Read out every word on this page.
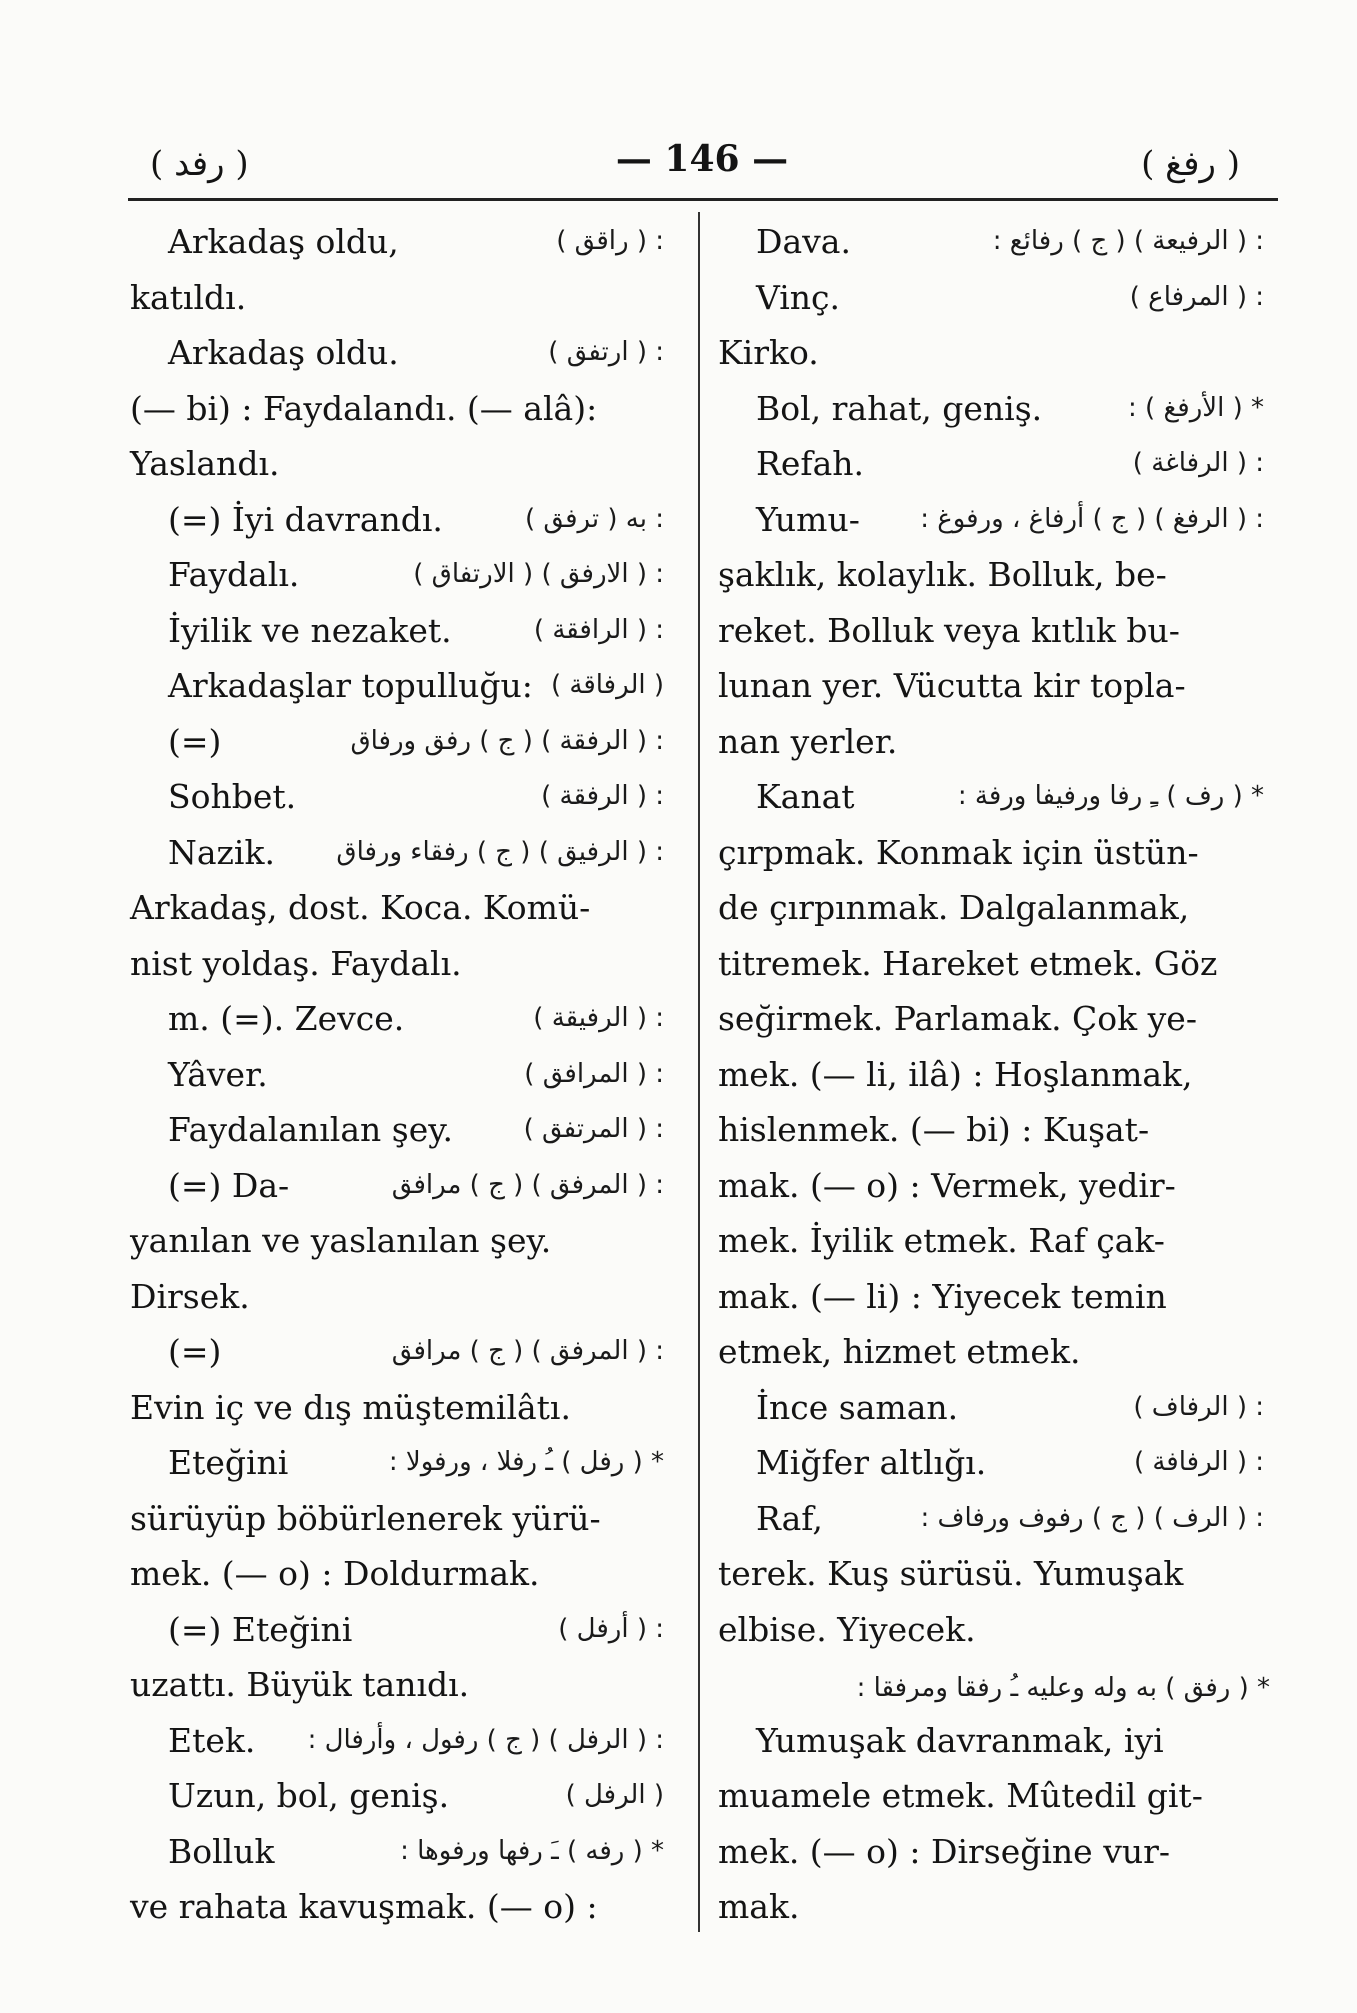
( رفد )	— 146 —	( رفغ )
Arkadaş oldu,	: ( راقق )
katıldı.
Arkadaş oldu.	: ( ارتفق )
(— bi) : Faydalandı. (— alâ):
Yaslandı.
(=) İyi davrandı.	: به ( ترفق )
Faydalı.	: ( الارفق ) ( الارتفاق )
İyilik ve nezaket.	: ( الرافقة )
Arkadaşlar topulluğu: ( الرفاقة )
(=)	: ( الرفقة ) ( ج ) رفق ورفاق
Sohbet.	: ( الرفقة )
Nazik. : ( الرفيق ) ( ج ) رفقاء ورفاق
Arkadaş, dost. Koca. Komü-
nist yoldaş. Faydalı.
m. (=). Zevce.	: ( الرفيقة )
Yâver.	: ( المرافق )
Faydalanılan şey.	: ( المرتفق )
(=) Da-	: ( المرفق ) ( ج ) مرافق
yanılan ve yaslanılan şey.
Dirsek.
(=)	: ( المرفق ) ( ج ) مرافق
Evin iç ve dış müştemilâtı.
Eteğini	* ( رفل ) ـُ رفلا ، ورفولا :
sürüyüp böbürlenerek yürü-
mek. (— o) : Doldurmak.
(=) Eteğini	: ( أرفل )
uzattı. Büyük tanıdı.
Etek. : ( الرفل ) ( ج ) رفول ، وأرفال :
Uzun, bol, geniş.	( الرفل )
Bolluk	* ( رفه ) ـَ رفها ورفوها :
ve rahata kavuşmak. (— o) :
Dava.	: ( الرفيعة ) ( ج ) رفائع :
Vinç.	: ( المرفاع )
Kirko.
Bol, rahat, geniş.	* ( الأرفغ ) :
Refah.	: ( الرفاغة )
Yumu- : ( الرفغ ) ( ج ) أرفاغ ، ورفوغ :
şaklık, kolaylık. Bolluk, be-
reket. Bolluk veya kıtlık bu-
lunan yer. Vücutta kir topla-
nan yerler.
Kanat	* ( رف ) ـِ رفا ورفيفا ورفة :
çırpmak. Konmak için üstün-
de çırpınmak. Dalgalanmak,
titremek. Hareket etmek. Göz
seğirmek. Parlamak. Çok ye-
mek. (— li, ilâ) : Hoşlanmak,
hislenmek. (— bi) : Kuşat-
mak. (— o) : Vermek, yedir-
mek. İyilik etmek. Raf çak-
mak. (— li) : Yiyecek temin
etmek, hizmet etmek.
İnce saman.	: ( الرفاف )
Miğfer altlığı.	: ( الرفافة )
Raf,	: ( الرف ) ( ج ) رفوف ورفاف :
terek. Kuş sürüsü. Yumuşak
elbise. Yiyecek.
* ( رفق ) به وله وعليه ـُ رفقا ومرفقا :
Yumuşak davranmak, iyi
muamele etmek. Mûtedil git-
mek. (— o) : Dirseğine vur-
mak.
